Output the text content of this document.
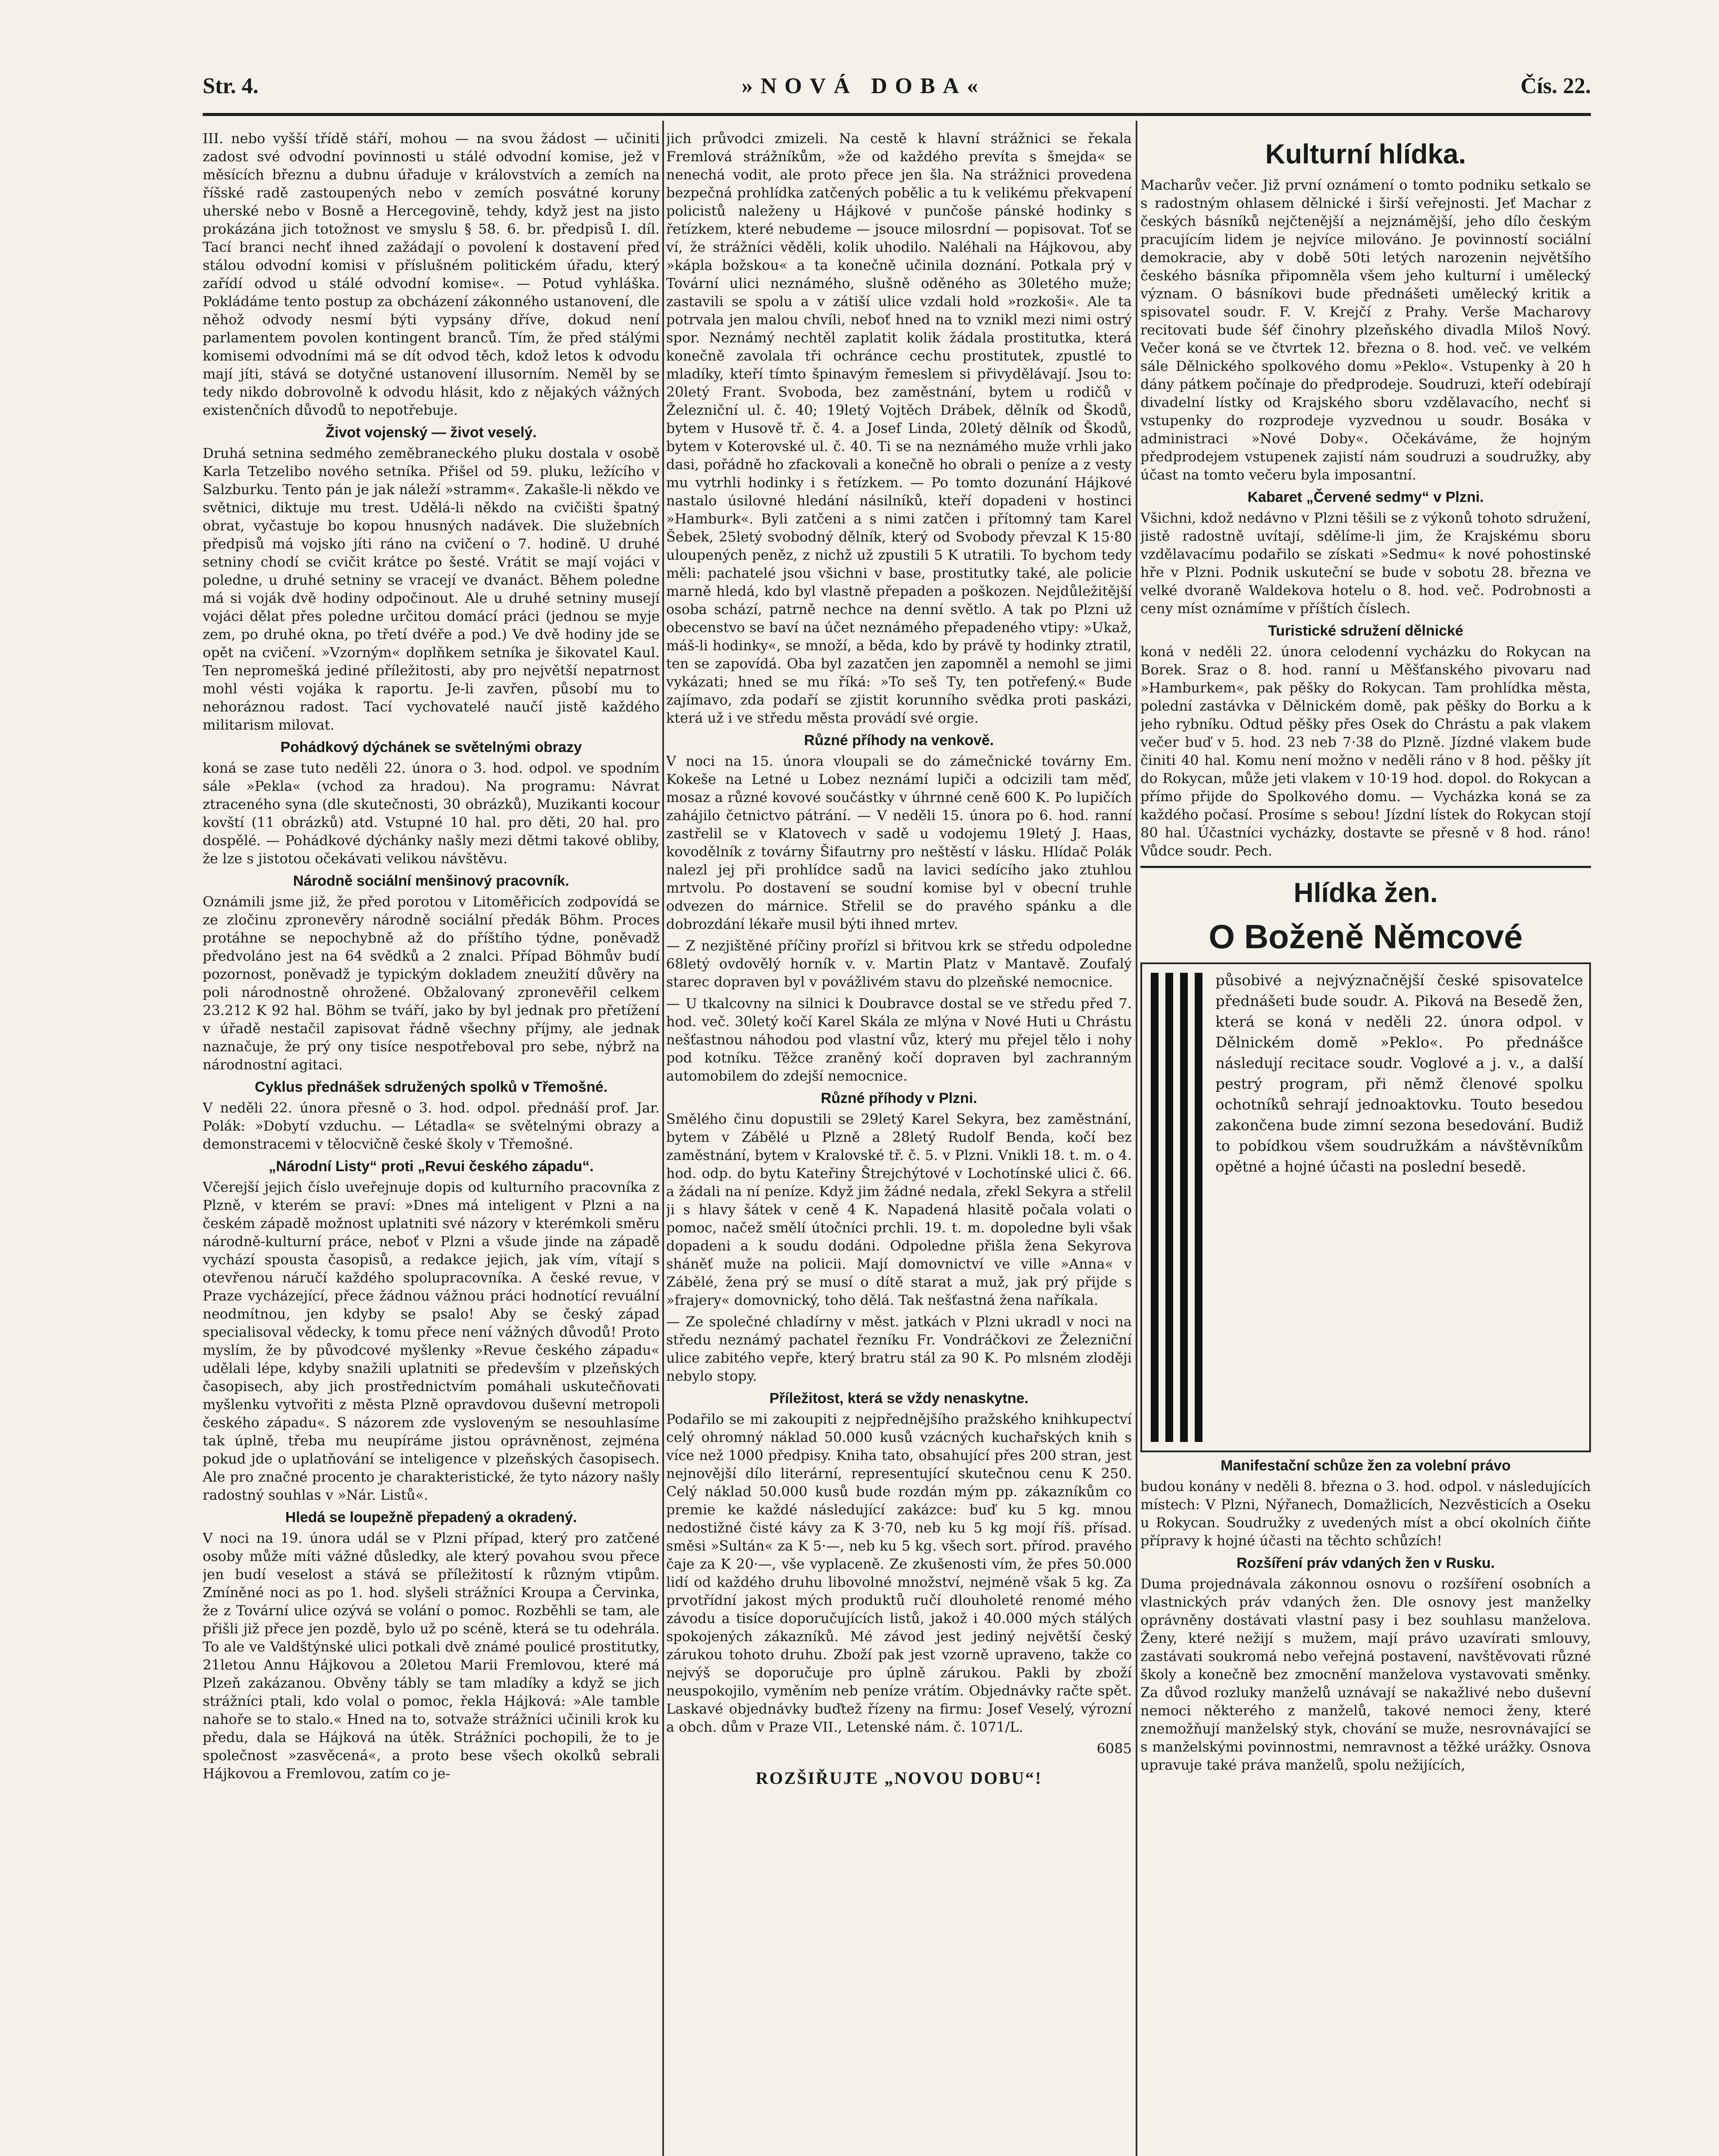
Str. 4.	»NOVÁ DOBA«	Čís. 22.

III. nebo vyšší třídě stáří, mohou — na svou žádost — učiniti zadost své odvodní povinnosti u stálé odvodní komise, jež v měsících březnu a dubnu úřaduje v královstvích a zemích na říšské radě zastoupených nebo v zemích posvátné koruny uherské nebo v Bosně a Hercegovině, tehdy, když jest na jisto prokázána jich totožnost ve smyslu § 58. 6. br. předpisů I. díl. Tací branci nechť ihned zažádají o povolení k dostavení před stálou odvodní komisi v příslušném politickém úřadu, který zařídí odvod u stálé odvodní komise«. — Potud vyhláška. Pokládáme tento postup za obcházení zákonného ustanovení, dle něhož odvody nesmí býti vypsány dříve, dokud není parlamentem povolen kontingent branců. Tím, že před stálými komisemi odvodními má se dít odvod těch, kdož letos k odvodu mají jíti, stává se dotyčné ustanovení illusorním. Neměl by se tedy nikdo dobrovolně k odvodu hlásit, kdo z nějakých vážných existenčních důvodů to nepotřebuje.

Život vojenský — život veselý.

Druhá setnina sedmého zeměbraneckého pluku dostala v osobě Karla Tetzelibo nového setníka. Přišel od 59. pluku, ležícího v Salzburku. Tento pán je jak náleží »stramm«. Zakašle-li někdo ve světnici, diktuje mu trest. Udělá-li někdo na cvičišti špatný obrat, vyčastuje bo kopou hnusných nadávek. Die služebních předpisů má vojsko jíti ráno na cvičení o 7. hodině. U druhé setniny chodí se cvičit krátce po šesté. Vrátit se mají vojáci v poledne, u druhé setniny se vracejí ve dvanáct. Během poledne má si voják dvě hodiny odpočinout. Ale u druhé setniny musejí vojáci dělat přes poledne určitou domácí práci (jednou se myje zem, po druhé okna, po třetí dvéře a pod.) Ve dvě hodiny jde se opět na cvičení. »Vzorným« doplňkem setníka je šikovatel Kaul. Ten nepromešká jediné příležitosti, aby pro největší nepatrnost mohl vésti vojáka k raportu. Je-li zavřen, působí mu to nehoráznou radost. Tací vychovatelé naučí jistě každého militarism milovat.

Pohádkový dýchánek se světelnými obrazy

koná se zase tuto neděli 22. února o 3. hod. odpol. ve spodním sále »Pekla« (vchod za hradou). Na programu: Návrat ztraceného syna (dle skutečnosti, 30 obrázků), Muzikanti kocour kovští (11 obrázků) atd. Vstupné 10 hal. pro děti, 20 hal. pro dospělé. — Pohádkové dýchánky našly mezi dětmi takové obliby, že lze s jistotou očekávati velikou návštěvu.

Národně sociální menšinový pracovník.

Oznámili jsme již, že před porotou v Litoměřicích zodpovídá se ze zločinu zpronevěry národně sociální předák Böhm. Proces protáhne se nepochybně až do příštího týdne, poněvadž předvoláno jest na 64 svědků a 2 znalci. Případ Böhmův budí pozornost, poněvadž je typickým dokladem zneužití důvěry na poli národnostně ohrožené. Obžalovaný zpronevěřil celkem 23.212 K 92 hal. Böhm se tváří, jako by byl jednak pro přetížení v úřadě nestačil zapisovat řádně všechny příjmy, ale jednak naznačuje, že prý ony tisíce nespotřeboval pro sebe, nýbrž na národnostní agitaci.

Cyklus přednášek sdružených spolků v Třemošné.

V neděli 22. února přesně o 3. hod. odpol. přednáší prof. Jar. Polák: »Dobytí vzduchu. — Létadla« se světelnými obrazy a demonstracemi v tělocvičně české školy v Třemošné.

„Národní Listy“ proti „Revui českého západu“.

Včerejší jejich číslo uveřejnuje dopis od kulturního pracovníka z Plzně, v kterém se praví: »Dnes má inteligent v Plzni a na českém západě možnost uplatniti své názory v kterémkoli směru národně-kulturní práce, neboť v Plzni a všude jinde na západě vychází spousta časopisů, a redakce jejich, jak vím, vítají s otevřenou náručí každého spolupracovníka. A české revue, v Praze vycházející, přece žádnou vážnou práci hodnotící revuální neodmítnou, jen kdyby se psalo! Aby se český západ specialisoval vědecky, k tomu přece není vážných důvodů! Proto myslím, že by původcové myšlenky »Revue českého západu« udělali lépe, kdyby snažili uplatniti se především v plzeňských časopisech, aby jich prostřednictvím pomáhali uskutečňovati myšlenku vytvořiti z města Plzně opravdovou duševní metropoli českého západu«. S názorem zde vysloveným se nesouhlasíme tak úplně, třeba mu neupíráme jistou oprávněnost, zejména pokud jde o uplatňování se inteligence v plzeňských časopisech. Ale pro značné procento je charakteristické, že tyto názory našly radostný souhlas v »Nár. Listů«.

Hledá se loupežně přepadený a okradený.

V noci na 19. února udál se v Plzni případ, který pro zatčené osoby může míti vážné důsledky, ale který povahou svou přece jen budí veselost a stává se příležitostí k různým vtipům. Zmíněné noci as po 1. hod. slyšeli strážníci Kroupa a Červinka, že z Tovární ulice ozývá se volání o pomoc. Rozběhli se tam, ale přišli již přece jen pozdě, bylo už po scéně, která se tu odehrála. To ale ve Valdštýnské ulici potkali dvě známé poulicé prostitutky, 21letou Annu Hájkovou a 20letou Marii Fremlovou, které má Plzeň zakázanou. Obvěny tábly se tam mladíky a když se jich strážníci ptali, kdo volal o pomoc, řekla Hájková: »Ale tamble nahoře se to stalo.« Hned na to, sotvaže strážníci učinili krok ku předu, dala se Hájková na útěk. Strážníci pochopili, že to je společnost »zasvěcená«, a proto bese všech okolků sebrali Hájkovou a Fremlovou, zatím co je-

jich průvodci zmizeli. Na cestě k hlavní strážnici se řekala Fremlová strážníkům, »že od každého prevíta s šmejda« se nenechá vodit, ale proto přece jen šla. Na strážnici provedena bezpečná prohlídka zatčených pobělic a tu k velikému překvapení policistů naleženy u Hájkové v punčoše pánské hodinky s řetízkem, které nebudeme — jsouce milosrdní — popisovat. Toť se ví, že strážníci věděli, kolik uhodilo. Naléhali na Hájkovou, aby »kápla božskou« a ta konečně učinila doznání. Potkala prý v Tovární ulici neznámého, slušně oděného as 30letého muže; zastavili se spolu a v zátiší ulice vzdali hold »rozkoši«. Ale ta potrvala jen malou chvíli, neboť hned na to vznikl mezi nimi ostrý spor. Neznámý nechtěl zaplatit kolik žádala prostitutka, která konečně zavolala tři ochránce cechu prostitutek, zpustlé to mladíky, kteří tímto špinavým řemeslem si přivydělávají. Jsou to: 20letý Frant. Svoboda, bez zaměstnání, bytem u rodičů v Železniční ul. č. 40; 19letý Vojtěch Drábek, dělník od Škodů, bytem v Husově tř. č. 4. a Josef Linda, 20letý dělník od Škodů, bytem v Koterovské ul. č. 40. Ti se na neznámého muže vrhli jako dasi, pořádně ho zfackovali a konečně ho obrali o peníze a z vesty mu vytrhli hodinky i s řetízkem. — Po tomto dozunání Hájkové nastalo úsilovné hledání násilníků, kteří dopadeni v hostinci »Hamburk«. Byli zatčeni a s nimi zatčen i přítomný tam Karel Šebek, 25letý svobodný dělník, který od Svobody převzal K 15·80 uloupených peněz, z nichž už zpustili 5 K utratili. To bychom tedy měli: pachatelé jsou všichni v base, prostitutky také, ale policie marně hledá, kdo byl vlastně přepaden a poškozen. Nejdůležitější osoba schází, patrně nechce na denní světlo. A tak po Plzni už obecenstvo se baví na účet neznámého přepadeného vtipy: »Ukaž, máš-li hodinky«, se množí, a běda, kdo by právě ty hodinky ztratil, ten se zapovídá. Oba byl zazatčen jen zapomněl a nemohl se jimi vykázati; hned se mu říká: »To seš Ty, ten potřefený.« Bude zajímavo, zda podaří se zjistit korunního svědka proti paskázi, která už i ve středu města provádí své orgie.

Různé příhody na venkově.

V noci na 15. února vloupali se do zámečnické továrny Em. Kokeše na Letné u Lobez neznámí lupiči a odcizili tam měď, mosaz a různé kovové součástky v úhrnné ceně 600 K. Po lupičích zahájilo četnictvo pátrání. — V neděli 15. února po 6. hod. ranní zastřelil se v Klatovech v sadě u vodojemu 19letý J. Haas, kovodělník z továrny Šifautrny pro neštěstí v lásku. Hlídač Polák nalezl jej při prohlídce sadů na lavici sedícího jako ztuhlou mrtvolu. Po dostavení se soudní komise byl v obecní truhle odvezen do márnice. Střelil se do pravého spánku a dle dobrozdání lékaře musil býti ihned mrtev.

— Z nezjištěné příčiny prořízl si břitvou krk se středu odpoledne 68letý ovdovělý horník v. v. Martin Platz v Mantavě. Zoufalý starec dopraven byl v povážlivém stavu do plzeňské nemocnice.

— U tkalcovny na silnici k Doubravce dostal se ve středu před 7. hod. več. 30letý kočí Karel Skála ze mlýna v Nové Huti u Chrástu nešťastnou náhodou pod vlastní vůz, který mu přejel tělo i nohy pod kotníku. Těžce zraněný kočí dopraven byl zachranným automobilem do zdejší nemocnice.

Různé příhody v Plzni.

Smělého činu dopustili se 29letý Karel Sekyra, bez zaměstnání, bytem v Zábělé u Plzně a 28letý Rudolf Benda, kočí bez zaměstnání, bytem v Kralovské tř. č. 5. v Plzni. Vnikli 18. t. m. o 4. hod. odp. do bytu Kateřiny Štrejchýtové v Lochotínské ulici č. 66. a žádali na ní peníze. Když jim žádné nedala, zřekl Sekyra a střelil ji s hlavy šátek v ceně 4 K. Napadená hlasitě počala volati o pomoc, načež smělí útočníci prchli. 19. t. m. dopoledne byli však dopadeni a k soudu dodáni. Odpoledne přišla žena Sekyrova sháněť muže na policii. Mají domovnictví ve ville »Anna« v Zábělé, žena prý se musí o dítě starat a muž, jak prý přijde s »frajery« domovnický, toho dělá. Tak nešťastná žena naříkala.

— Ze společné chladírny v měst. jatkách v Plzni ukradl v noci na středu neznámý pachatel řezníku Fr. Vondráčkovi ze Železniční ulice zabitého vepře, který bratru stál za 90 K. Po mlsném zloději nebylo stopy.

Příležitost, která se vždy nenaskytne.

Podařilo se mi zakoupiti z nejpřednějšího pražského knihkupectví celý ohromný náklad 50.000 kusů vzácných kuchařských knih s více než 1000 předpisy. Kniha tato, obsahující přes 200 stran, jest nejnovější dílo literární, representující skutečnou cenu K 250. Celý náklad 50.000 kusů bude rozdán mým pp. zákazníkům co premie ke každé následující zakázce: buď ku 5 kg. mnou nedostižné čisté kávy za K 3·70, neb ku 5 kg mojí říš. přísad. směsi »Sultán« za K 5·—, neb ku 5 kg. všech sort. přírod. pravého čaje za K 20·—, vše vyplaceně. Ze zkušenosti vím, že přes 50.000 lidí od každého druhu libovolné množství, nejméně však 5 kg. Za prvotřídní jakost mých produktů ručí dlouholeté renomé mého závodu a tisíce doporučujících listů, jakož i 40.000 mých stálých spokojených zákazníků. Mé závod jest jediný největší český zárukou tohoto druhu. Zboží pak jest vzorně upraveno, takže co nejvýš se doporučuje pro úplně zárukou. Pakli by zboží neuspokojilo, vyměním neb peníze vrátím. Objednávky račte spět. Laskavé objednávky buďtež řízeny na firmu: Josef Veselý, výrozní a obch. dům v Praze VII., Letenské nám. č. 1071/L.

6085

ROZŠIŘUJTE „NOVOU DOBU“!
Kulturní hlídka.

Macharův večer. Již první oznámení o tomto podniku setkalo se s radostným ohlasem dělnické i širší veřejnosti. Jeť Machar z českých básníků nejčtenější a nejznámější, jeho dílo českým pracujícím lidem je nejvíce milováno. Je povinností sociální demokracie, aby v době 50ti letých narozenin největšího českého básníka připomněla všem jeho kulturní i umělecký význam. O básníkovi bude přednášeti umělecký kritik a spisovatel soudr. F. V. Krejčí z Prahy. Verše Macharovy recitovati bude šéf činohry plzeňského divadla Miloš Nový. Večer koná se ve čtvrtek 12. března o 8. hod. več. ve velkém sále Dělnického spolkového domu »Peklo«. Vstupenky à 20 h dány pátkem počínaje do předprodeje. Soudruzi, kteří odebírají divadelní lístky od Krajského sboru vzdělavacího, nechť si vstupenky do rozprodeje vyzvednou u soudr. Bosáka v administraci »Nové Doby«. Očekáváme, že hojným předprodejem vstupenek zajistí nám soudruzi a soudružky, aby účast na tomto večeru byla imposantní.

Kabaret „Červené sedmy“ v Plzni.

Všichni, kdož nedávno v Plzni těšili se z výkonů tohoto sdružení, jistě radostně uvítají, sdělíme-li jim, že Krajskému sboru vzdělavacímu podařilo se získati »Sedmu« k nové pohostinské hře v Plzni. Podnik uskuteční se bude v sobotu 28. března ve velké dvoraně Waldekova hotelu o 8. hod. več. Podrobnosti a ceny míst oznámíme v příštích číslech.

Turistické sdružení dělnické

koná v neděli 22. února celodenní vycházku do Rokycan na Borek. Sraz o 8. hod. ranní u Měšťanského pivovaru nad »Hamburkem«, pak pěšky do Rokycan. Tam prohlídka města, polední zastávka v Dělnickém domě, pak pěšky do Borku a k jeho rybníku. Odtud pěšky přes Osek do Chrástu a pak vlakem večer buď v 5. hod. 23 neb 7·38 do Plzně. Jízdné vlakem bude činiti 40 hal. Komu není možno v neděli ráno v 8 hod. pěšky jít do Rokycan, může jeti vlakem v 10·19 hod. dopol. do Rokycan a přímo přijde do Spolkového domu. — Vycházka koná se za každého počasí. Prosíme s sebou! Jízdní lístek do Rokycan stojí 80 hal. Účastníci vycházky, dostavte se přesně v 8 hod. ráno! Vůdce soudr. Pech.

Hlídka žen.
O Boženě Němcové

působivé a nejvýznačnější české spisovatelce přednášeti bude soudr. A. Piková na Besedě žen, která se koná v neděli 22. února odpol. v Dělnickém domě »Peklo«. Po přednášce následují recitace soudr. Voglové a j. v., a další pestrý program, při němž členové spolku ochotníků sehrají jednoaktovku. Touto besedou zakončena bude zimní sezona besedování. Budiž to pobídkou všem soudružkám a návštěvníkům opětné a hojné účasti na poslední besedě.

Manifestační schůze žen za volební právo

budou konány v neděli 8. března o 3. hod. odpol. v následujících místech: V Plzni, Nýřanech, Domažlicích, Nezvěsticích a Oseku u Rokycan. Soudružky z uvedených míst a obcí okolních čiňte přípravy k hojné účasti na těchto schůzích!

Rozšíření práv vdaných žen v Rusku.

Duma projednávala zákonnou osnovu o rozšíření osobních a vlastnických práv vdaných žen. Dle osnovy jest manželky oprávněny dostávati vlastní pasy i bez souhlasu manželova. Ženy, které nežijí s mužem, mají právo uzavírati smlouvy, zastávati soukromá nebo veřejná postavení, navštěvovati různé školy a konečně bez zmocnění manželova vystavovati směnky. Za důvod rozluky manželů uznávají se nakažlivé nebo duševní nemoci některého z manželů, takové nemoci ženy, které znemožňují manželský styk, chování se muže, nesrovnávající se s manželskými povinnostmi, nemravnost a těžké urážky. Osnova upravuje také práva manželů, spolu nežijících,
